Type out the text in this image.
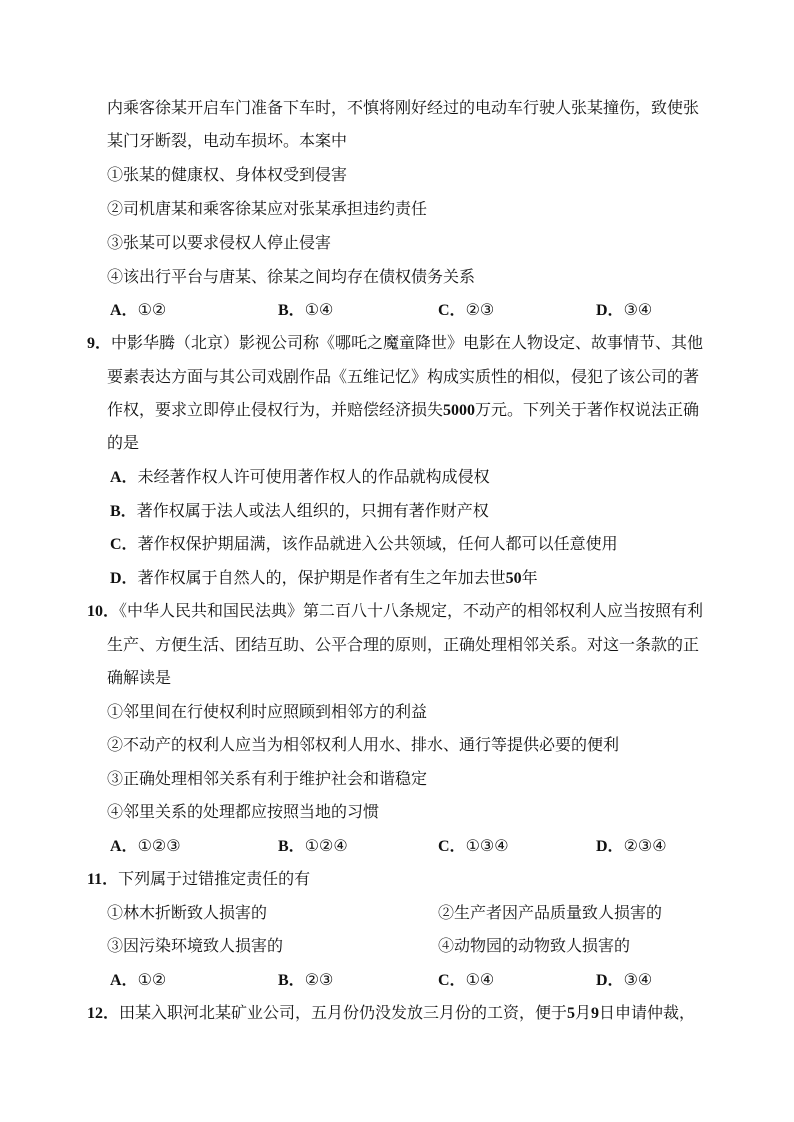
内乘客徐某开启车门准备下车时，不慎将刚好经过的电动车行驶人张某撞伤，致使张
某门牙断裂，电动车损坏。本案中
①张某的健康权、身体权受到侵害
②司机唐某和乘客徐某应对张某承担违约责任
③张某可以要求侵权人停止侵害
④该出行平台与唐某、徐某之间均存在债权债务关系
A．①②	B．①④	C．②③	D．③④
9．中影华腾（北京）影视公司称《哪吒之魔童降世》电影在人物设定、故事情节、其他
要素表达方面与其公司戏剧作品《五维记忆》构成实质性的相似，侵犯了该公司的著
作权，要求立即停止侵权行为，并赔偿经济损失5000万元。下列关于著作权说法正确
的是
A．未经著作权人许可使用著作权人的作品就构成侵权
B．著作权属于法人或法人组织的，只拥有著作财产权
C．著作权保护期届满，该作品就进入公共领域，任何人都可以任意使用
D．著作权属于自然人的，保护期是作者有生之年加去世50年
10．《中华人民共和国民法典》第二百八十八条规定，不动产的相邻权利人应当按照有利
生产、方便生活、团结互助、公平合理的原则，正确处理相邻关系。对这一条款的正
确解读是
①邻里间在行使权利时应照顾到相邻方的利益
②不动产的权利人应当为相邻权利人用水、排水、通行等提供必要的便利
③正确处理相邻关系有利于维护社会和谐稳定
④邻里关系的处理都应按照当地的习惯
A．①②③	B．①②④	C．①③④	D．②③④
11．下列属于过错推定责任的有
①林木折断致人损害的	②生产者因产品质量致人损害的
③因污染环境致人损害的	④动物园的动物致人损害的
A．①②	B．②③	C．①④	D．③④
12．田某入职河北某矿业公司，五月份仍没发放三月份的工资，便于5月9日申请仲裁，
